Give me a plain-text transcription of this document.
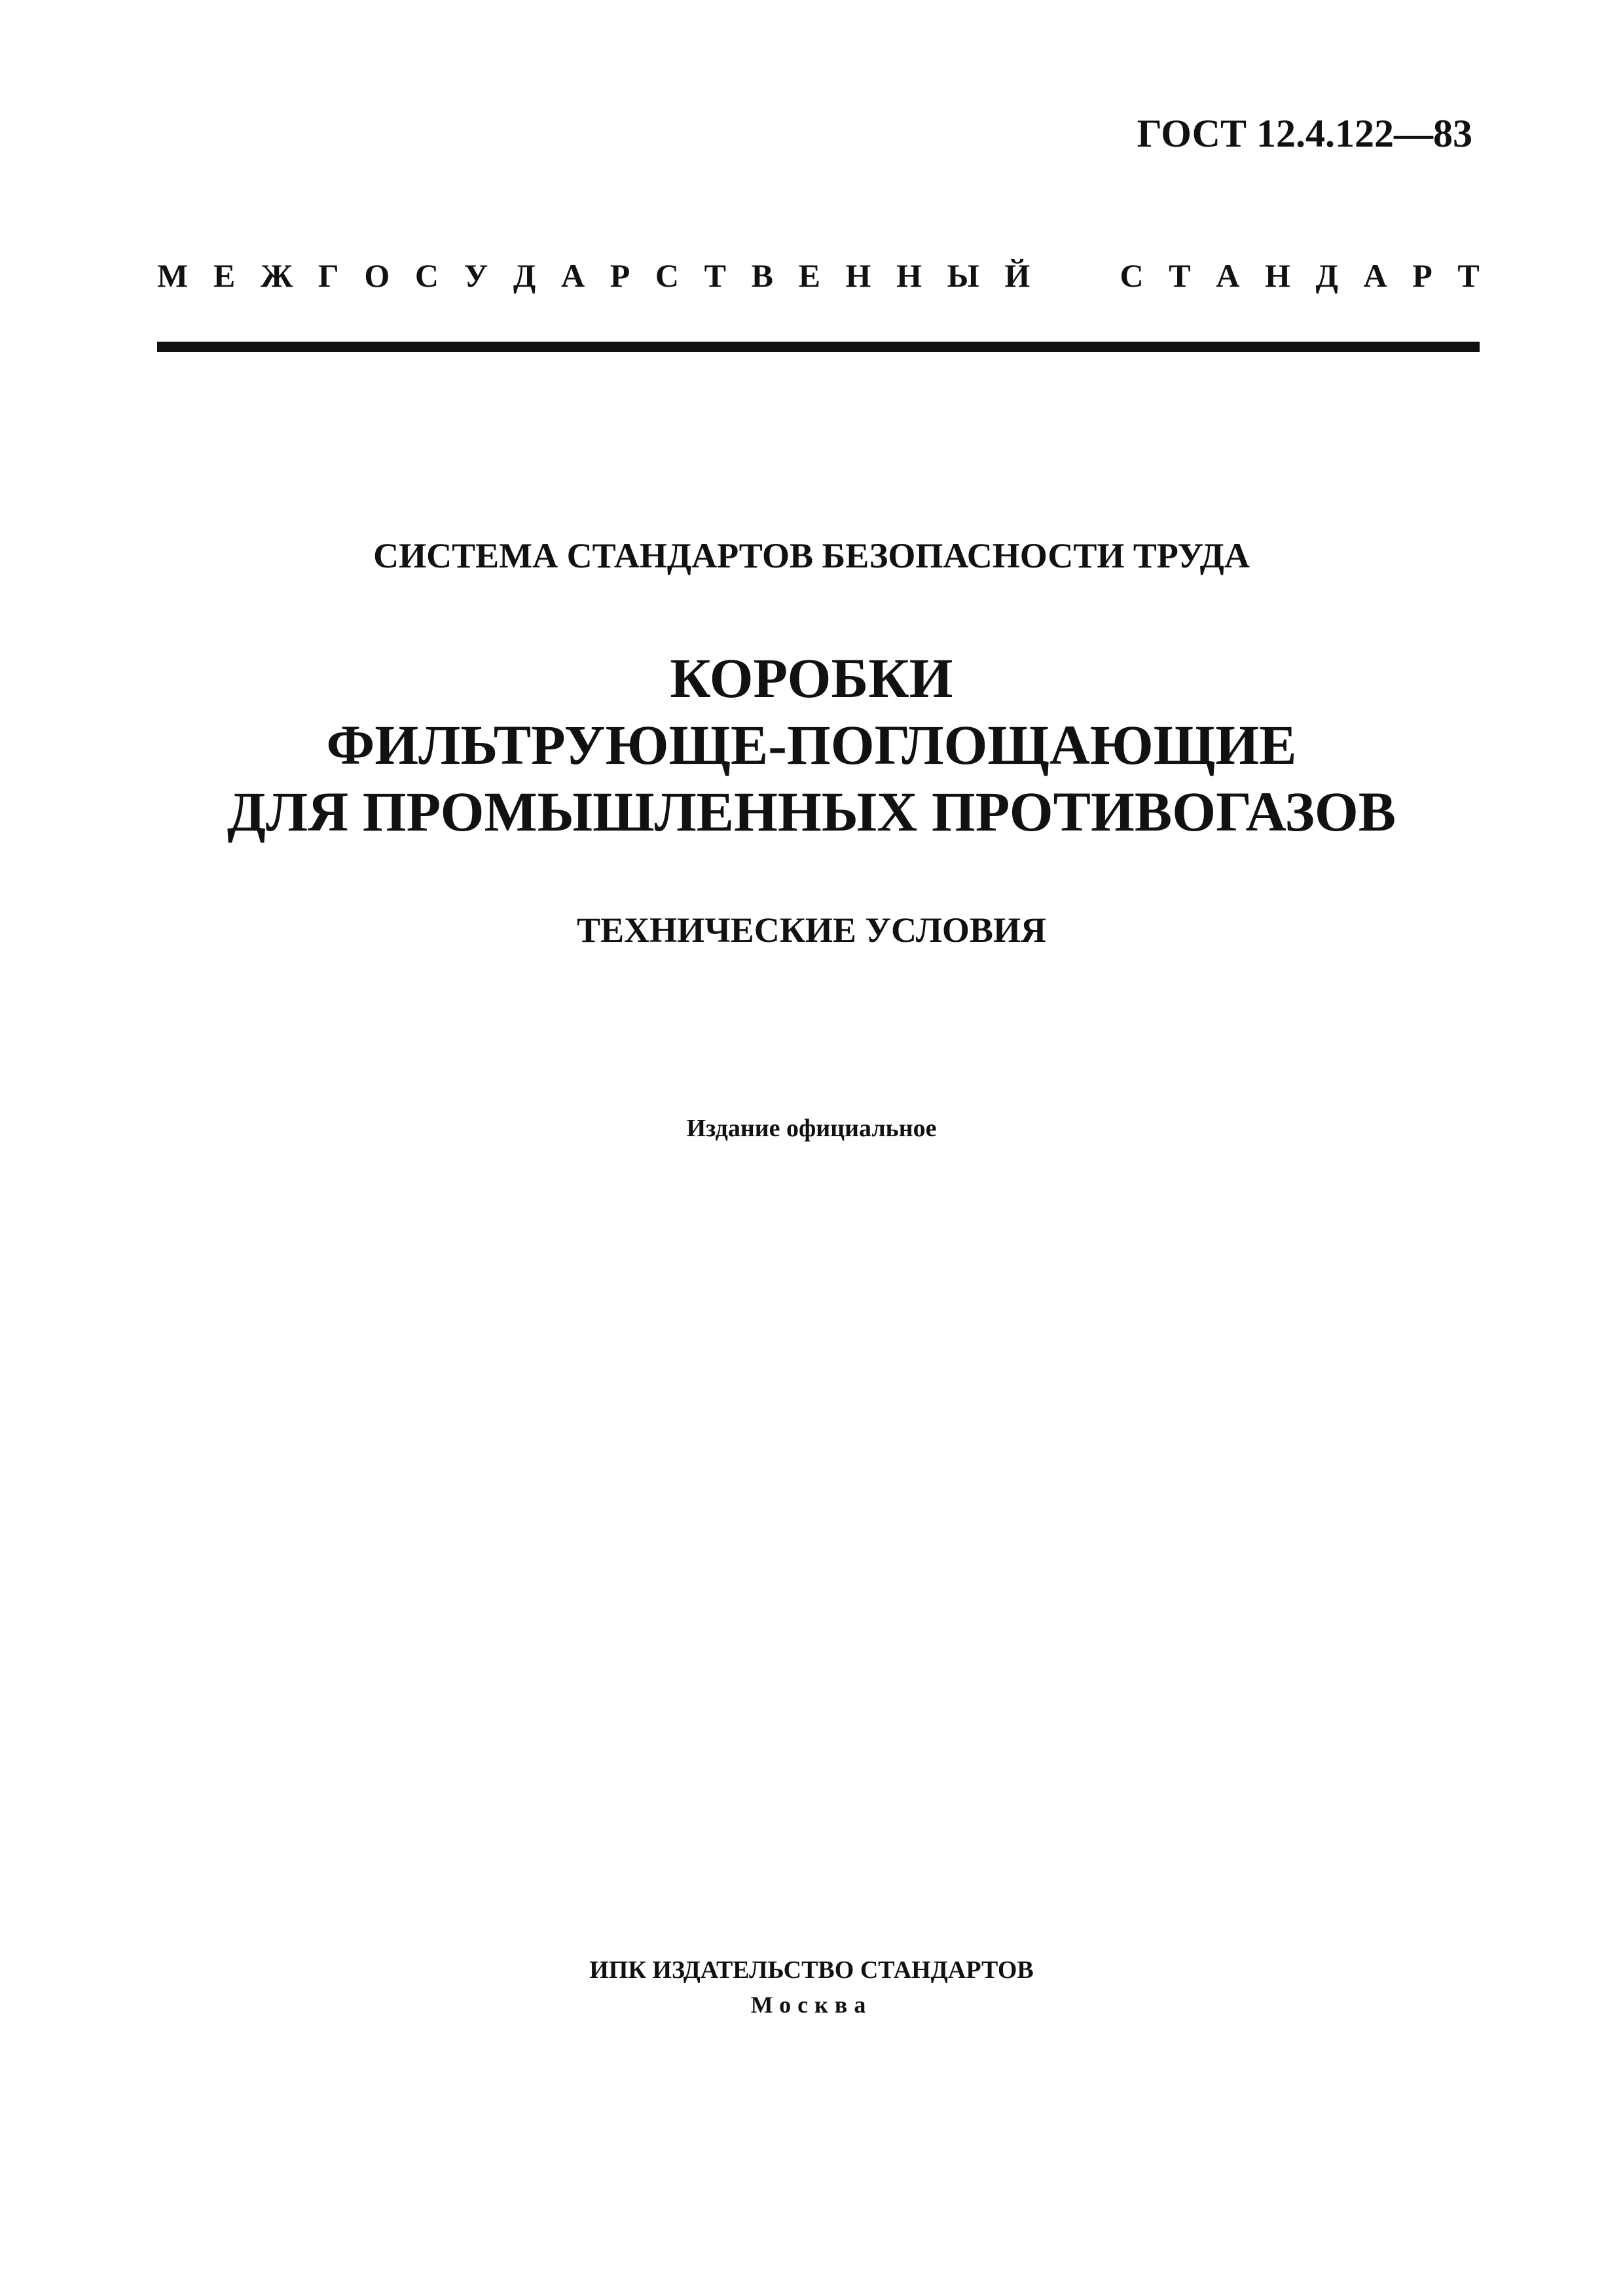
ГОСТ 12.4.122—83
М Е Ж Г О С У Д А Р С Т В Е Н Н Ы Й	С Т А Н Д А Р Т
СИСТЕМА СТАНДАРТОВ БЕЗОПАСНОСТИ ТРУДА
КОРОБКИ
ФИЛЬТРУЮЩЕ-ПОГЛОЩАЮЩИЕ
ДЛЯ ПРОМЫШЛЕННЫХ ПРОТИВОГАЗОВ
ТЕХНИЧЕСКИЕ УСЛОВИЯ
Издание официальное
ИПК ИЗДАТЕЛЬСТВО СТАНДАРТОВ
Москва
